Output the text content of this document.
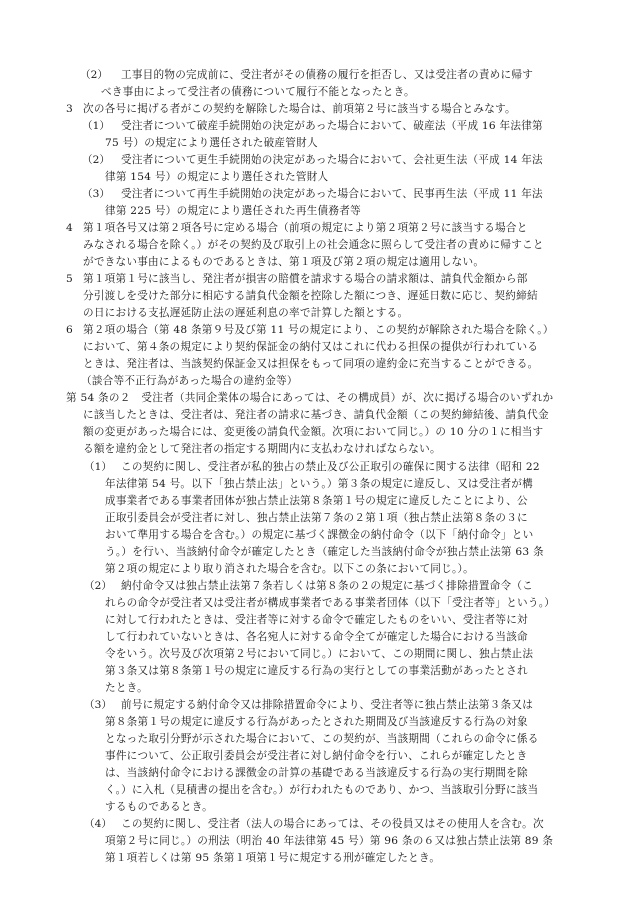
（2） 工事目的物の完成前に、受注者がその債務の履行を拒否し、又は受注者の責めに帰す
べき事由によって受注者の債務について履行不能となったとき。
3 次の各号に掲げる者がこの契約を解除した場合は、前項第２号に該当する場合とみなす。
（1） 受注者について破産手続開始の決定があった場合において、破産法（平成 16 年法律第
75 号）の規定により選任された破産管財人
（2） 受注者について更生手続開始の決定があった場合において、会社更生法（平成 14 年法
律第 154 号）の規定により選任された管財人
（3） 受注者について再生手続開始の決定があった場合において、民事再生法（平成 11 年法
律第 225 号）の規定により選任された再生債務者等
4 第１項各号又は第２項各号に定める場合（前項の規定により第２項第２号に該当する場合と
みなされる場合を除く。）がその契約及び取引上の社会通念に照らして受注者の責めに帰すこと
ができない事由によるものであるときは、第１項及び第２項の規定は適用しない。
5 第１項第１号に該当し、発注者が損害の賠償を請求する場合の請求額は、請負代金額から部
分引渡しを受けた部分に相応する請負代金額を控除した額につき、遅延日数に応じ、契約締結
の日における支払遅延防止法の遅延利息の率で計算した額とする。
6 第２項の場合（第 48 条第９号及び第 11 号の規定により、この契約が解除された場合を除く。）
において、第４条の規定により契約保証金の納付又はこれに代わる担保の提供が行われている
ときは、発注者は、当該契約保証金又は担保をもって同項の違約金に充当することができる。
（談合等不正行為があった場合の違約金等）
第 54 条の２　受注者（共同企業体の場合にあっては、その構成員）が、次に掲げる場合のいずれか
に該当したときは、受注者は、発注者の請求に基づき、請負代金額（この契約締結後、請負代金
額の変更があった場合には、変更後の請負代金額。次項において同じ。）の 10 分の１に相当す
る額を違約金として発注者の指定する期間内に支払わなければならない。
（1） この契約に関し、受注者が私的独占の禁止及び公正取引の確保に関する法律（昭和 22
年法律第 54 号。以下「独占禁止法」という。）第３条の規定に違反し、又は受注者が構
成事業者である事業者団体が独占禁止法第８条第１号の規定に違反したことにより、公
正取引委員会が受注者に対し、独占禁止法第７条の２第１項（独占禁止法第８条の３に
おいて準用する場合を含む。）の規定に基づく課徴金の納付命令（以下「納付命令」とい
う。）を行い、当該納付命令が確定したとき（確定した当該納付命令が独占禁止法第 63 条
第２項の規定により取り消された場合を含む。以下この条において同じ。）。
（2） 納付命令又は独占禁止法第７条若しくは第８条の２の規定に基づく排除措置命令（こ
れらの命令が受注者又は受注者が構成事業者である事業者団体（以下「受注者等」という。）
に対して行われたときは、受注者等に対する命令で確定したものをいい、受注者等に対
して行われていないときは、各名宛人に対する命令全てが確定した場合における当該命
令をいう。次号及び次項第２号において同じ。）において、この期間に関し、独占禁止法
第３条又は第８条第１号の規定に違反する行為の実行としての事業活動があったとされ
たとき。
（3） 前号に規定する納付命令又は排除措置命令により、受注者等に独占禁止法第３条又は
第８条第１号の規定に違反する行為があったとされた期間及び当該違反する行為の対象
となった取引分野が示された場合において、この契約が、当該期間（これらの命令に係る
事件について、公正取引委員会が受注者に対し納付命令を行い、これらが確定したとき
は、当該納付命令における課徴金の計算の基礎である当該違反する行為の実行期間を除
く。）に入札（見積書の提出を含む。）が行われたものであり、かつ、当該取引分野に該当
するものであるとき。
（4） この契約に関し、受注者（法人の場合にあっては、その役員又はその使用人を含む。次
項第２号に同じ。）の刑法（明治 40 年法律第 45 号）第 96 条の６又は独占禁止法第 89 条
第１項若しくは第 95 条第１項第１号に規定する刑が確定したとき。
